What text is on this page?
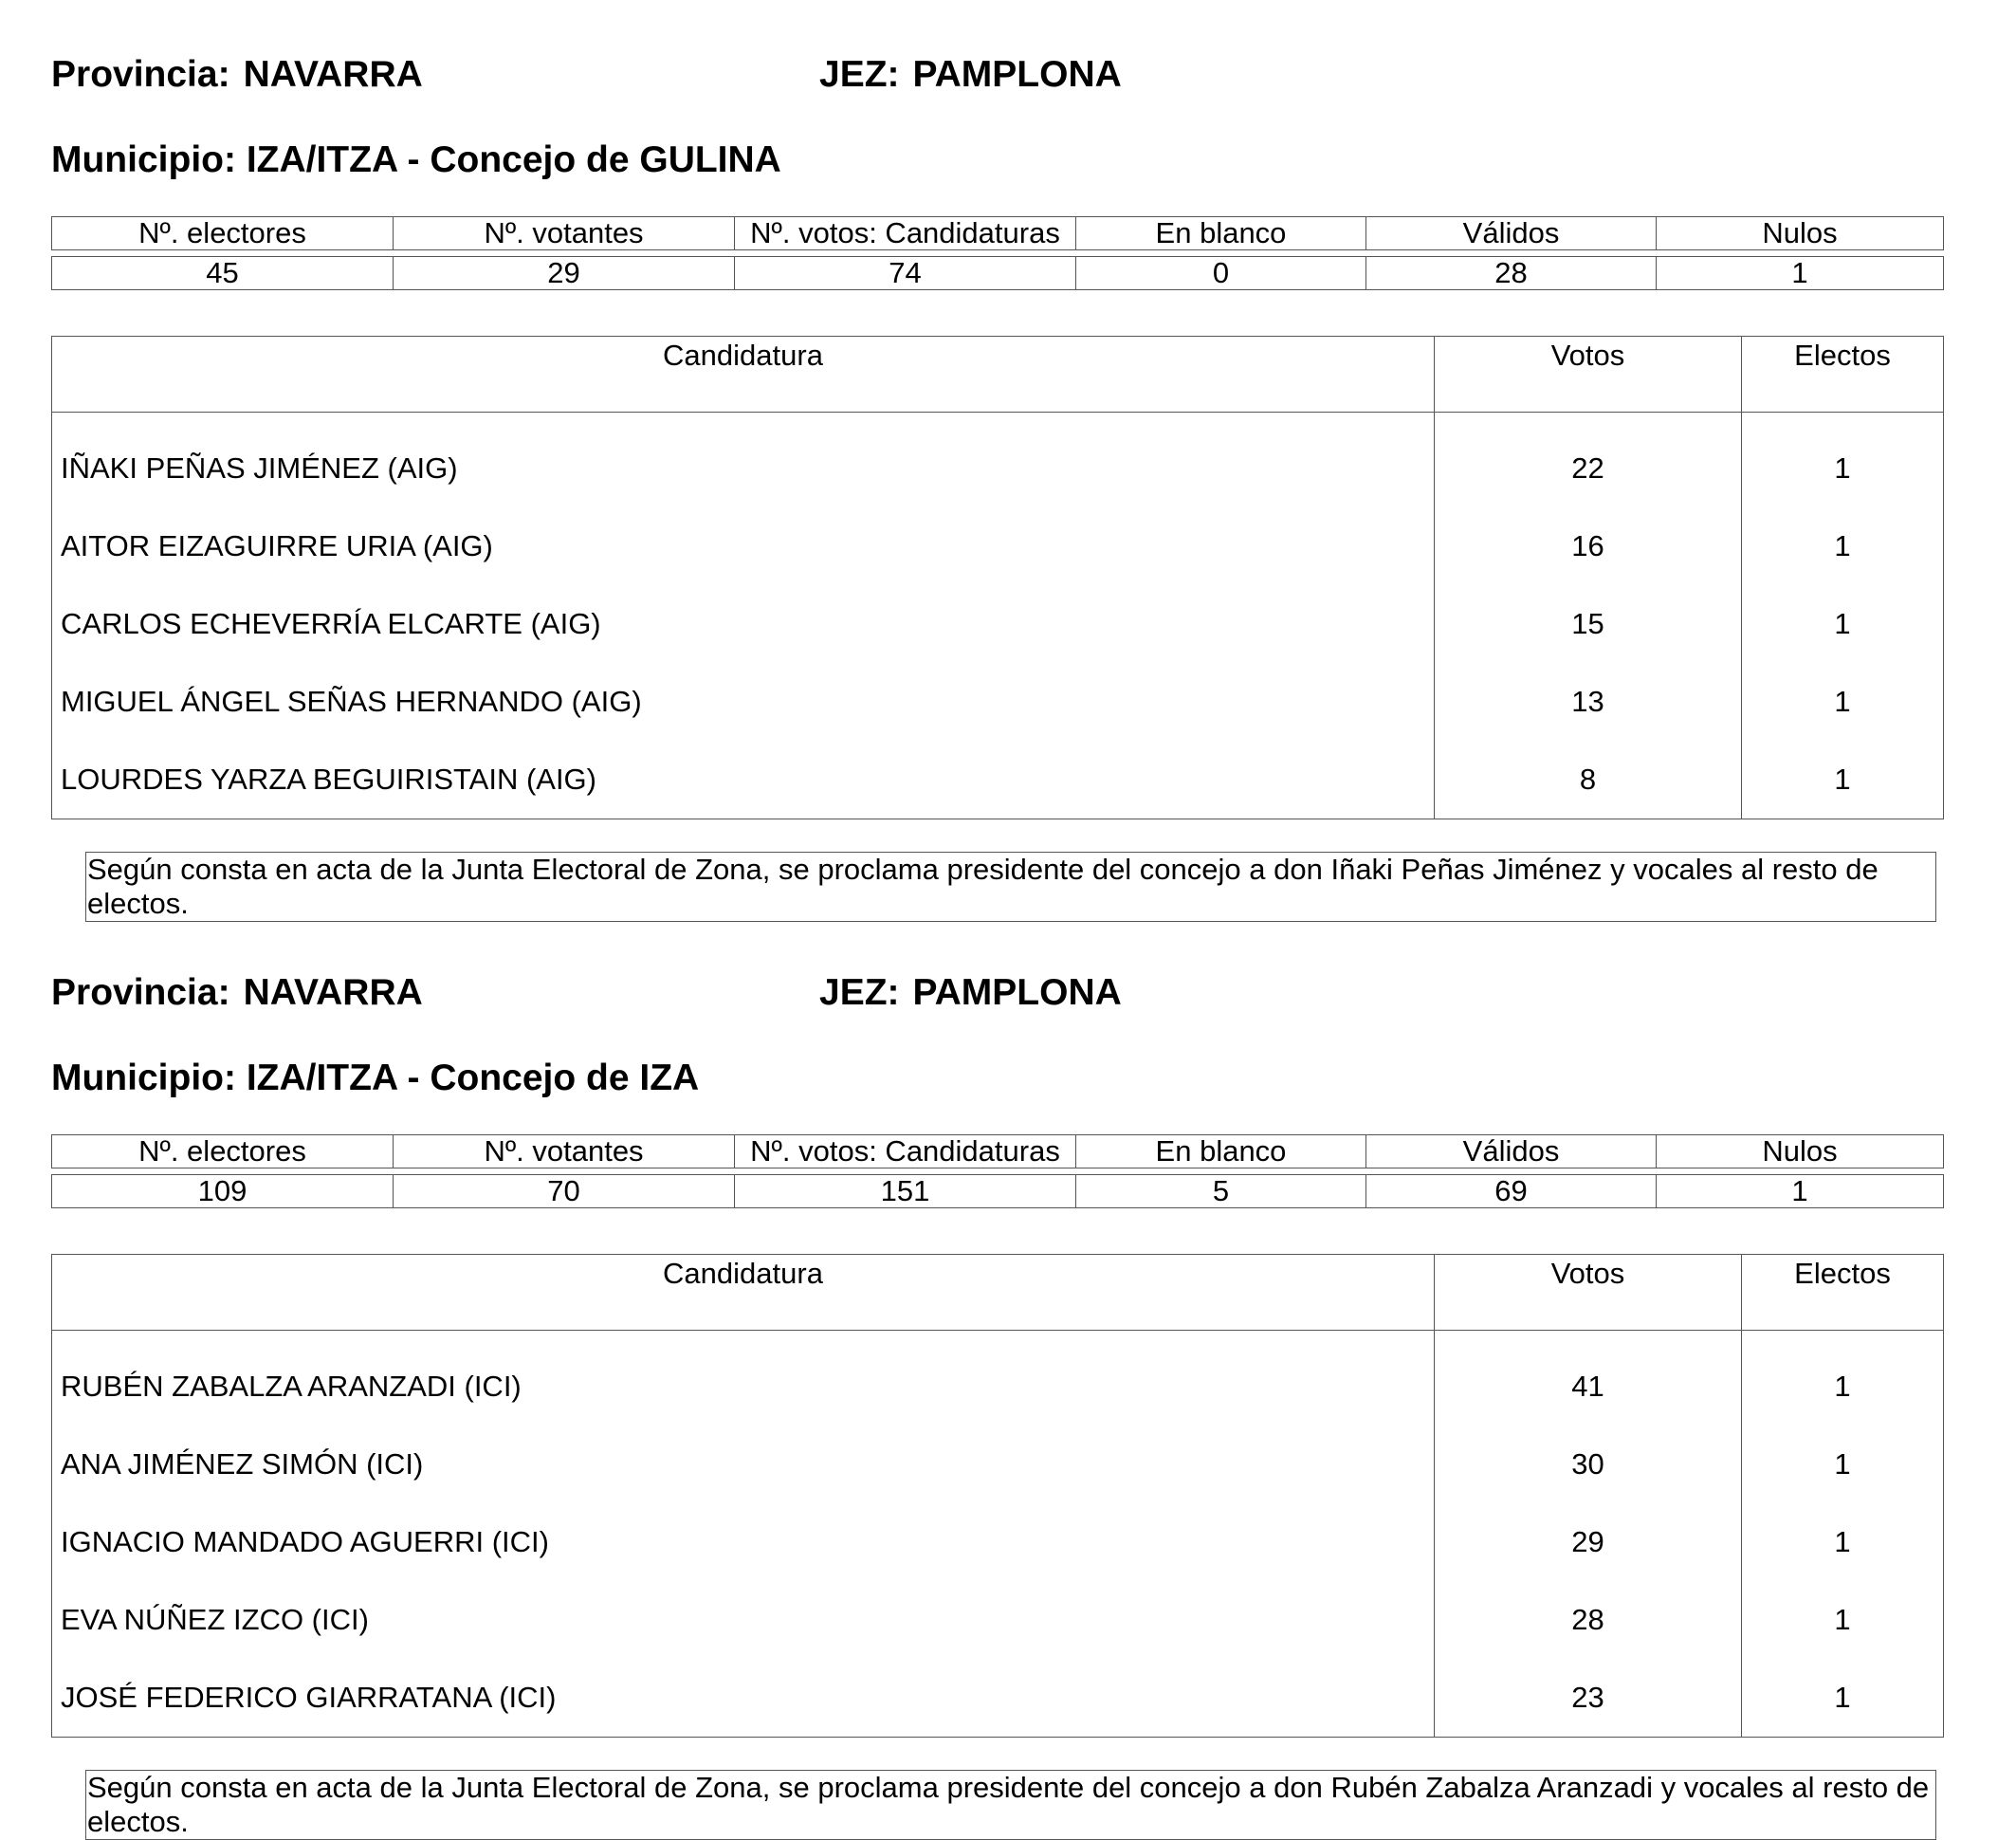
Provincia: NAVARRA	JEZ: PAMPLONA
Municipio: IZA/ITZA - Concejo de GULINA
Nº. electores	Nº. votantes	Nº. votos: Candidaturas	En blanco	Válidos	Nulos
45	29	74	0	28	1
Candidatura	Votos	Electos
IÑAKI PEÑAS JIMÉNEZ (AIG)	22	1
AITOR EIZAGUIRRE URIA (AIG)	16	1
CARLOS ECHEVERRÍA ELCARTE (AIG)	15	1
MIGUEL ÁNGEL SEÑAS HERNANDO (AIG)	13	1
LOURDES YARZA BEGUIRISTAIN (AIG)	8	1
Según consta en acta de la Junta Electoral de Zona, se proclama presidente del concejo a don Iñaki Peñas Jiménez y vocales al resto de electos.
Provincia: NAVARRA	JEZ: PAMPLONA
Municipio: IZA/ITZA - Concejo de IZA
Nº. electores	Nº. votantes	Nº. votos: Candidaturas	En blanco	Válidos	Nulos
109	70	151	5	69	1
Candidatura	Votos	Electos
RUBÉN ZABALZA ARANZADI (ICI)	41	1
ANA JIMÉNEZ SIMÓN (ICI)	30	1
IGNACIO MANDADO AGUERRI (ICI)	29	1
EVA NÚÑEZ IZCO (ICI)	28	1
JOSÉ FEDERICO GIARRATANA (ICI)	23	1
Según consta en acta de la Junta Electoral de Zona, se proclama presidente del concejo a don Rubén Zabalza Aranzadi y vocales al resto de electos.
